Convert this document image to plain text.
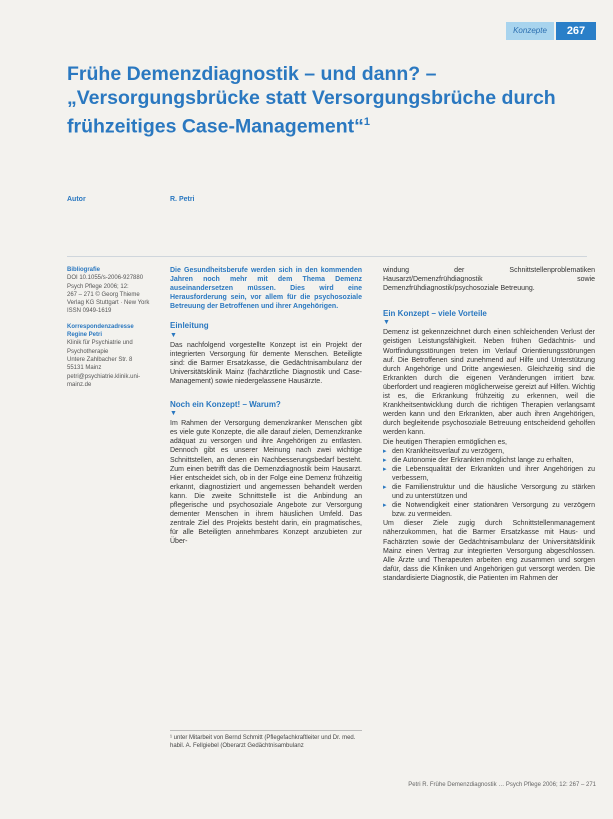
Konzepte	267
Frühe Demenzdiagnostik – und dann? –
„Versorgungsbrücke statt Versorgungsbrüche durch
frühzeitiges Case-Management“$^1$
Autor	R. Petri

Bibliografie
DOI 10.1055/s-2006-927880
Psych Pflege 2006; 12:
267 – 271 © Georg Thieme
Verlag KG Stuttgart · New York
ISSN 0949-1619

Korrespondenzadresse
Regine Petri
Klinik für Psychiatrie und
Psychotherapie
Untere Zahlbacher Str. 8
55131 Mainz
petri@psychiatrie.klinik.uni-
mainz.de

Die Gesundheitsberufe werden sich in den kommenden Jahren noch mehr mit dem Thema Demenz auseinandersetzen müssen. Dies wird eine Herausforderung sein, vor allem für die psychosoziale Betreuung der Betroffenen und ihrer Angehörigen.

Einleitung

▼

Das nachfolgend vorgestellte Konzept ist ein Projekt der integrierten Versorgung für demente Menschen. Beteiligte sind: die Barmer Ersatzkasse, die Gedächtnisambulanz der Universitätsklinik Mainz (fachärztliche Diagnostik und Case-Management) sowie niedergelassene Hausärzte.

Noch ein Konzept! – Warum?

▼

Im Rahmen der Versorgung demenzkranker Menschen gibt es viele gute Konzepte, die alle darauf zielen, Demenzkranke adäquat zu versorgen und ihre Angehörigen zu entlasten. Dennoch gibt es unserer Meinung nach zwei wichtige Schnittstellen, an denen ein Nachbesserungsbedarf besteht. Zum einen betrifft das die Demenzdiagnostik beim Hausarzt. Hier entscheidet sich, ob in der Folge eine Demenz frühzeitig erkannt, diagnostiziert und angemessen behandelt werden kann. Die zweite Schnittstelle ist die Anbindung an pflegerische und psychosoziale Angebote zur Versorgung dementer Menschen in ihrem häuslichen Umfeld. Das zentrale Ziel des Projekts besteht darin, ein pragmatisches, für alle Beteiligten annehmbares Konzept anzubieten zur Über-

windung der Schnittstellenproblematiken Hausarzt/Demenzfrühdiagnostik sowie Demenzfrühdiagnostik/psychosoziale Betreuung.

Ein Konzept – viele Vorteile

▼

Demenz ist gekennzeichnet durch einen schleichenden Verlust der geistigen Leistungsfähigkeit. Neben frühen Gedächtnis- und Wortfindungsstörungen treten im Verlauf Orientierungsstörungen auf. Die Betroffenen sind zunehmend auf Hilfe und Unterstützung durch Angehörige und Dritte angewiesen. Gleichzeitig sind die Erkrankten durch die eigenen Veränderungen irritiert bzw. überfordert und reagieren möglicherweise gereizt auf Hilfen. Wichtig ist es, die Erkrankung frühzeitig zu erkennen, weil die Krankheitsentwicklung durch die richtigen Therapien verlangsamt werden kann und den Erkrankten, aber auch ihren Angehörigen, durch begleitende psychosoziale Betreuung entscheidend geholfen werden kann.

Die heutigen Therapien ermöglichen es,

▸ den Krankheitsverlauf zu verzögern,
▸ die Autonomie der Erkrankten möglichst lange zu erhalten,
▸ die Lebensqualität der Erkrankten und ihrer Angehörigen zu verbessern,
▸ die Familienstruktur und die häusliche Versorgung zu stärken und zu unterstützen und
▸ die Notwendigkeit einer stationären Versorgung zu verzögern bzw. zu vermeiden.

Um dieser Ziele zugig durch Schnittstellenmanagement näherzukommen, hat die Barmer Ersatzkasse mit Haus- und Fachärzten sowie der Gedächtnisambulanz der Universitätsklinik Mainz einen Vertrag zur integrierten Versorgung abgeschlossen. Alle Ärzte und Therapeuten arbeiten eng zusammen und sorgen dafür, dass die Kliniken und Angehörigen gut versorgt werden. Die standardisierte Diagnostik, die Patienten im Rahmen der

¹ unter Mitarbeit von Bernd Schmitt (Pflegefachkraftleiter und Dr. med. habil. A. Fellgiebel (Oberarzt Gedächtnisambulanz
Petri R. Frühe Demenzdiagnostik … Psych Pflege 2006; 12: 267 – 271
